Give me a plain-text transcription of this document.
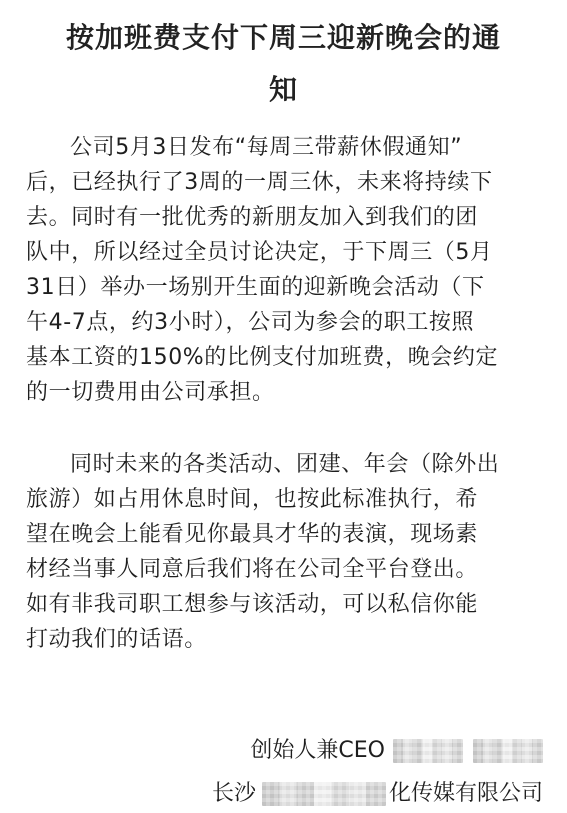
按加班费支付下周三迎新晚会的通
知
公司5月3日发布“每周三带薪休假通知”
后，已经执行了3周的一周三休，未来将持续下
去。同时有一批优秀的新朋友加入到我们的团
队中，所以经过全员讨论决定，于下周三（5月
31日）举办一场别开生面的迎新晚会活动（下
午4-7点，约3小时），公司为参会的职工按照
基本工资的150%的比例支付加班费，晚会约定
的一切费用由公司承担。
同时未来的各类活动、团建、年会（除外出
旅游）如占用休息时间，也按此标准执行，希
望在晚会上能看见你最具才华的表演，现场素
材经当事人同意后我们将在公司全平台登出。
如有非我司职工想参与该活动，可以私信你能
打动我们的话语。
创始人兼CEO
长沙	化传媒有限公司
